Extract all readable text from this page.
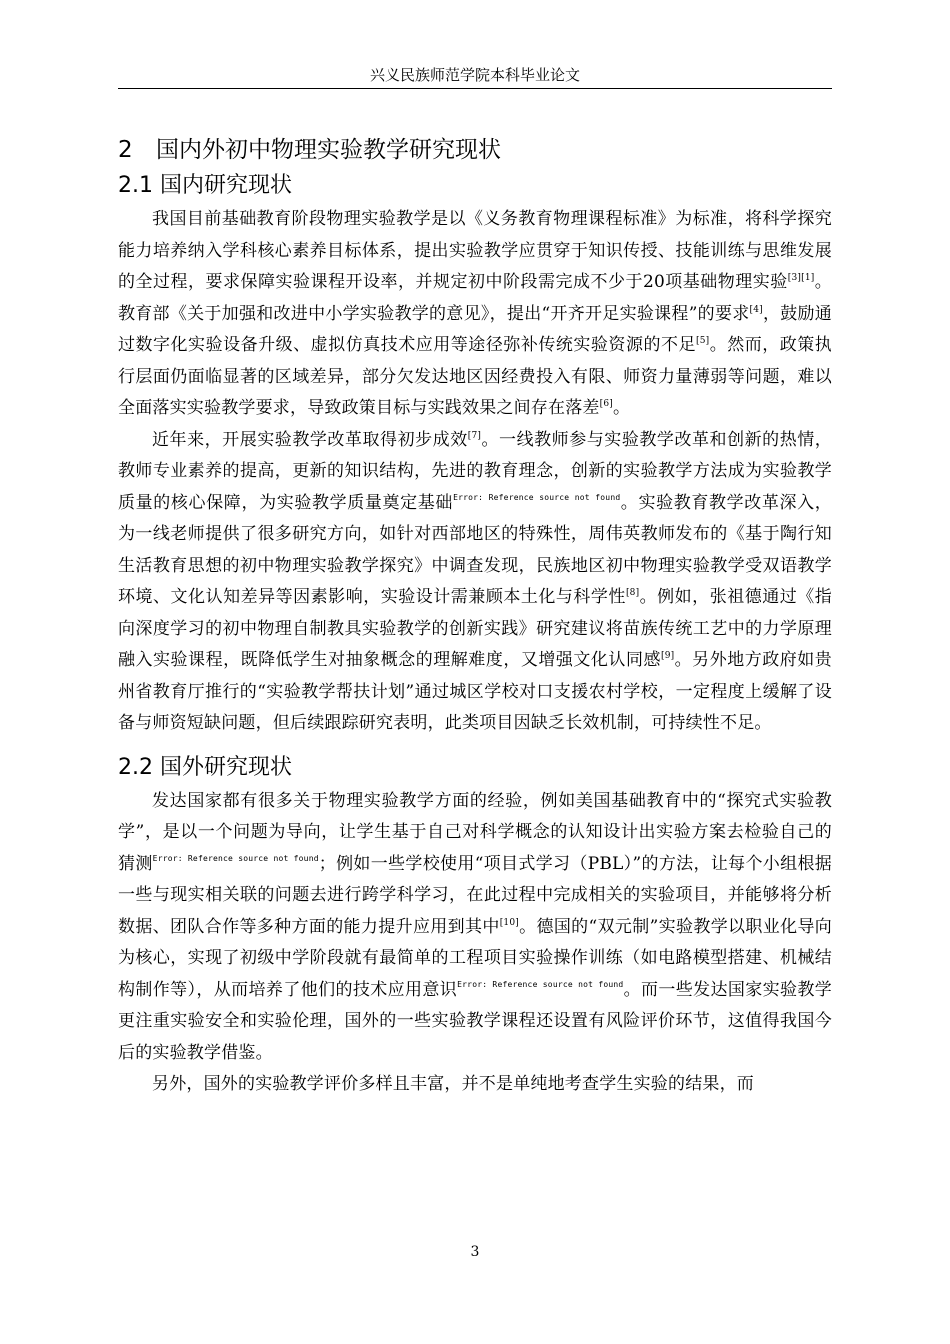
兴义民族师范学院本科毕业论文
2 国内外初中物理实验教学研究现状
2.1 国内研究现状

我国目前基础教育阶段物理实验教学是以《义务教育物理课程标准》为标准，将科学探究能力培养纳入学科核心素养目标体系，提出实验教学应贯穿于知识传授、技能训练与思维发展的全过程，要求保障实验课程开设率，并规定初中阶段需完成不少于20项基础物理实验[3][1]。教育部《关于加强和改进中小学实验教学的意见》，提出“开齐开足实验课程”的要求[4]，鼓励通过数字化实验设备升级、虚拟仿真技术应用等途径弥补传统实验资源的不足[5]。然而，政策执行层面仍面临显著的区域差异，部分欠发达地区因经费投入有限、师资力量薄弱等问题，难以全面落实实验教学要求，导致政策目标与实践效果之间存在落差[6]。

近年来，开展实验教学改革取得初步成效[7]。一线教师参与实验教学改革和创新的热情，教师专业素养的提高，更新的知识结构，先进的教育理念，创新的实验教学方法成为实验教学质量的核心保障，为实验教学质量奠定基础$^{Error: Reference source not found}$。实验教育教学改革深入，为一线老师提供了很多研究方向，如针对西部地区的特殊性，周伟英教师发布的《基于陶行知生活教育思想的初中物理实验教学探究》中调查发现，民族地区初中物理实验教学受双语教学环境、文化认知差异等因素影响，实验设计需兼顾本土化与科学性[8]。例如，张祖德通过《指向深度学习的初中物理自制教具实验教学的创新实践》研究建议将苗族传统工艺中的力学原理融入实验课程，既降低学生对抽象概念的理解难度，又增强文化认同感[9]。另外地方政府如贵州省教育厅推行的“实验教学帮扶计划”通过城区学校对口支援农村学校，一定程度上缓解了设备与师资短缺问题，但后续跟踪研究表明，此类项目因缺乏长效机制，可持续性不足。

2.2 国外研究现状

发达国家都有很多关于物理实验教学方面的经验，例如美国基础教育中的“探究式实验教学”，是以一个问题为导向，让学生基于自己对科学概念的认知设计出实验方案去检验自己的猜测$^{Error: Reference source not found}$；例如一些学校使用“项目式学习（PBL）”的方法，让每个小组根据一些与现实相关联的问题去进行跨学科学习，在此过程中完成相关的实验项目，并能够将分析数据、团队合作等多种方面的能力提升应用到其中[10]。德国的“双元制”实验教学以职业化导向为核心，实现了初级中学阶段就有最简单的工程项目实验操作训练（如电路模型搭建、机械结构制作等），从而培养了他们的技术应用意识$^{Error: Reference source not found}$。而一些发达国家实验教学更注重实验安全和实验伦理，国外的一些实验教学课程还设置有风险评价环节，这值得我国今后的实验教学借鉴。

另外，国外的实验教学评价多样且丰富，并不是单纯地考查学生实验的结果，而

3
